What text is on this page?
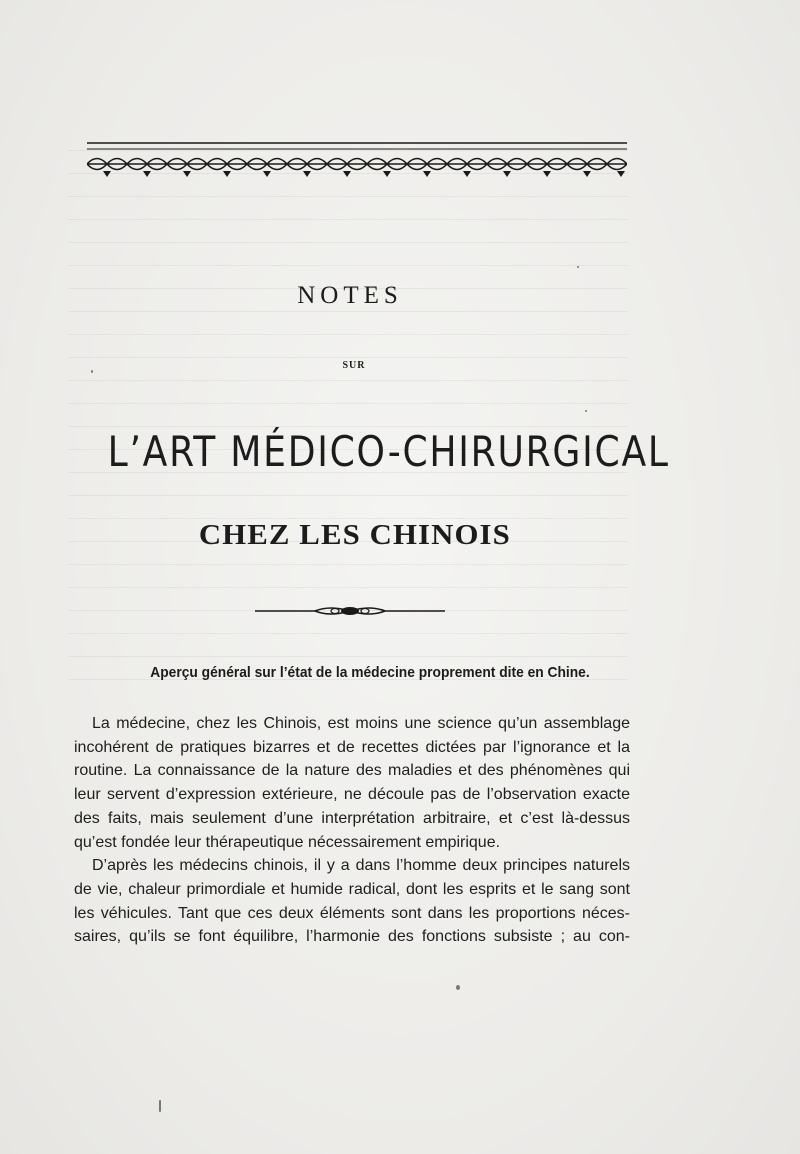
NOTES
SUR
L’ART MÉDICO-CHIRURGICAL
CHEZ LES CHINOIS
Aperçu général sur l’état de la médecine proprement dite en Chine.
La médecine, chez les Chinois, est moins une science qu’un assemblage
incohérent de pratiques bizarres et de recettes dictées par l’ignorance et la
routine. La connaissance de la nature des maladies et des phénomènes qui
leur servent d’expression extérieure, ne découle pas de l’observation exacte
des faits, mais seulement d’une interprétation arbitraire, et c’est là-dessus
qu’est fondée leur thérapeutique nécessairement empirique.
D’après les médecins chinois, il y a dans l’homme deux principes naturels
de vie, chaleur primordiale et humide radical, dont les esprits et le sang sont
les véhicules. Tant que ces deux éléments sont dans les proportions néces-
saires, qu’ils se font équilibre, l’harmonie des fonctions subsiste ; au con-
